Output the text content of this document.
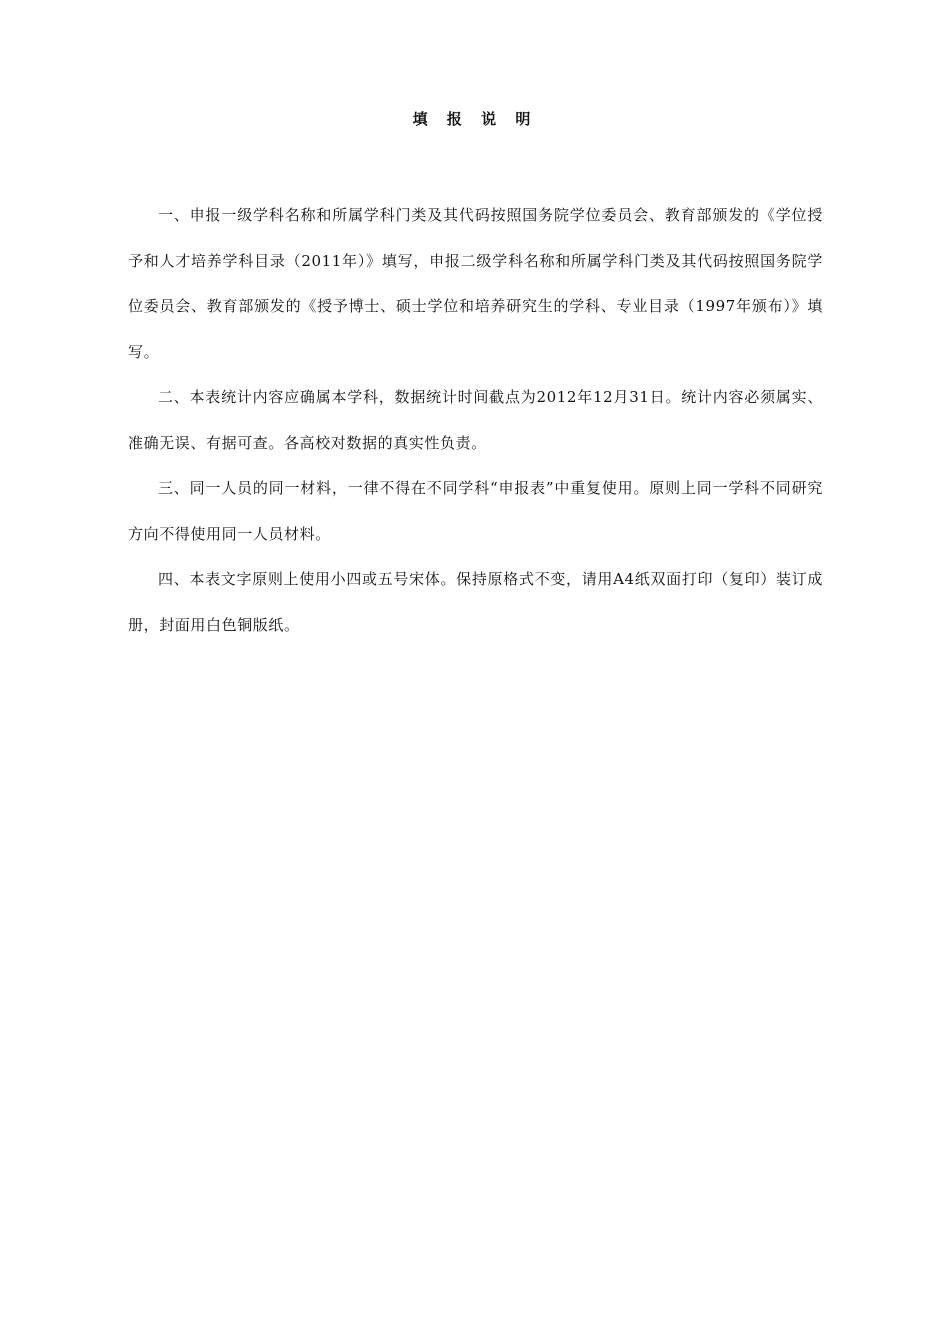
填 报 说 明

一、申报一级学科名称和所属学科门类及其代码按照国务院学位委员会、教育部颁发的《学位授予和人才培养学科目录（2011年）》填写，申报二级学科名称和所属学科门类及其代码按照国务院学位委员会、教育部颁发的《授予博士、硕士学位和培养研究生的学科、专业目录（1997年颁布）》填写。

二、本表统计内容应确属本学科，数据统计时间截点为2012年12月31日。统计内容必须属实、准确无误、有据可查。各高校对数据的真实性负责。

三、同一人员的同一材料，一律不得在不同学科“申报表”中重复使用。原则上同一学科不同研究方向不得使用同一人员材料。

四、本表文字原则上使用小四或五号宋体。保持原格式不变，请用A4纸双面打印（复印）装订成册，封面用白色铜版纸。
